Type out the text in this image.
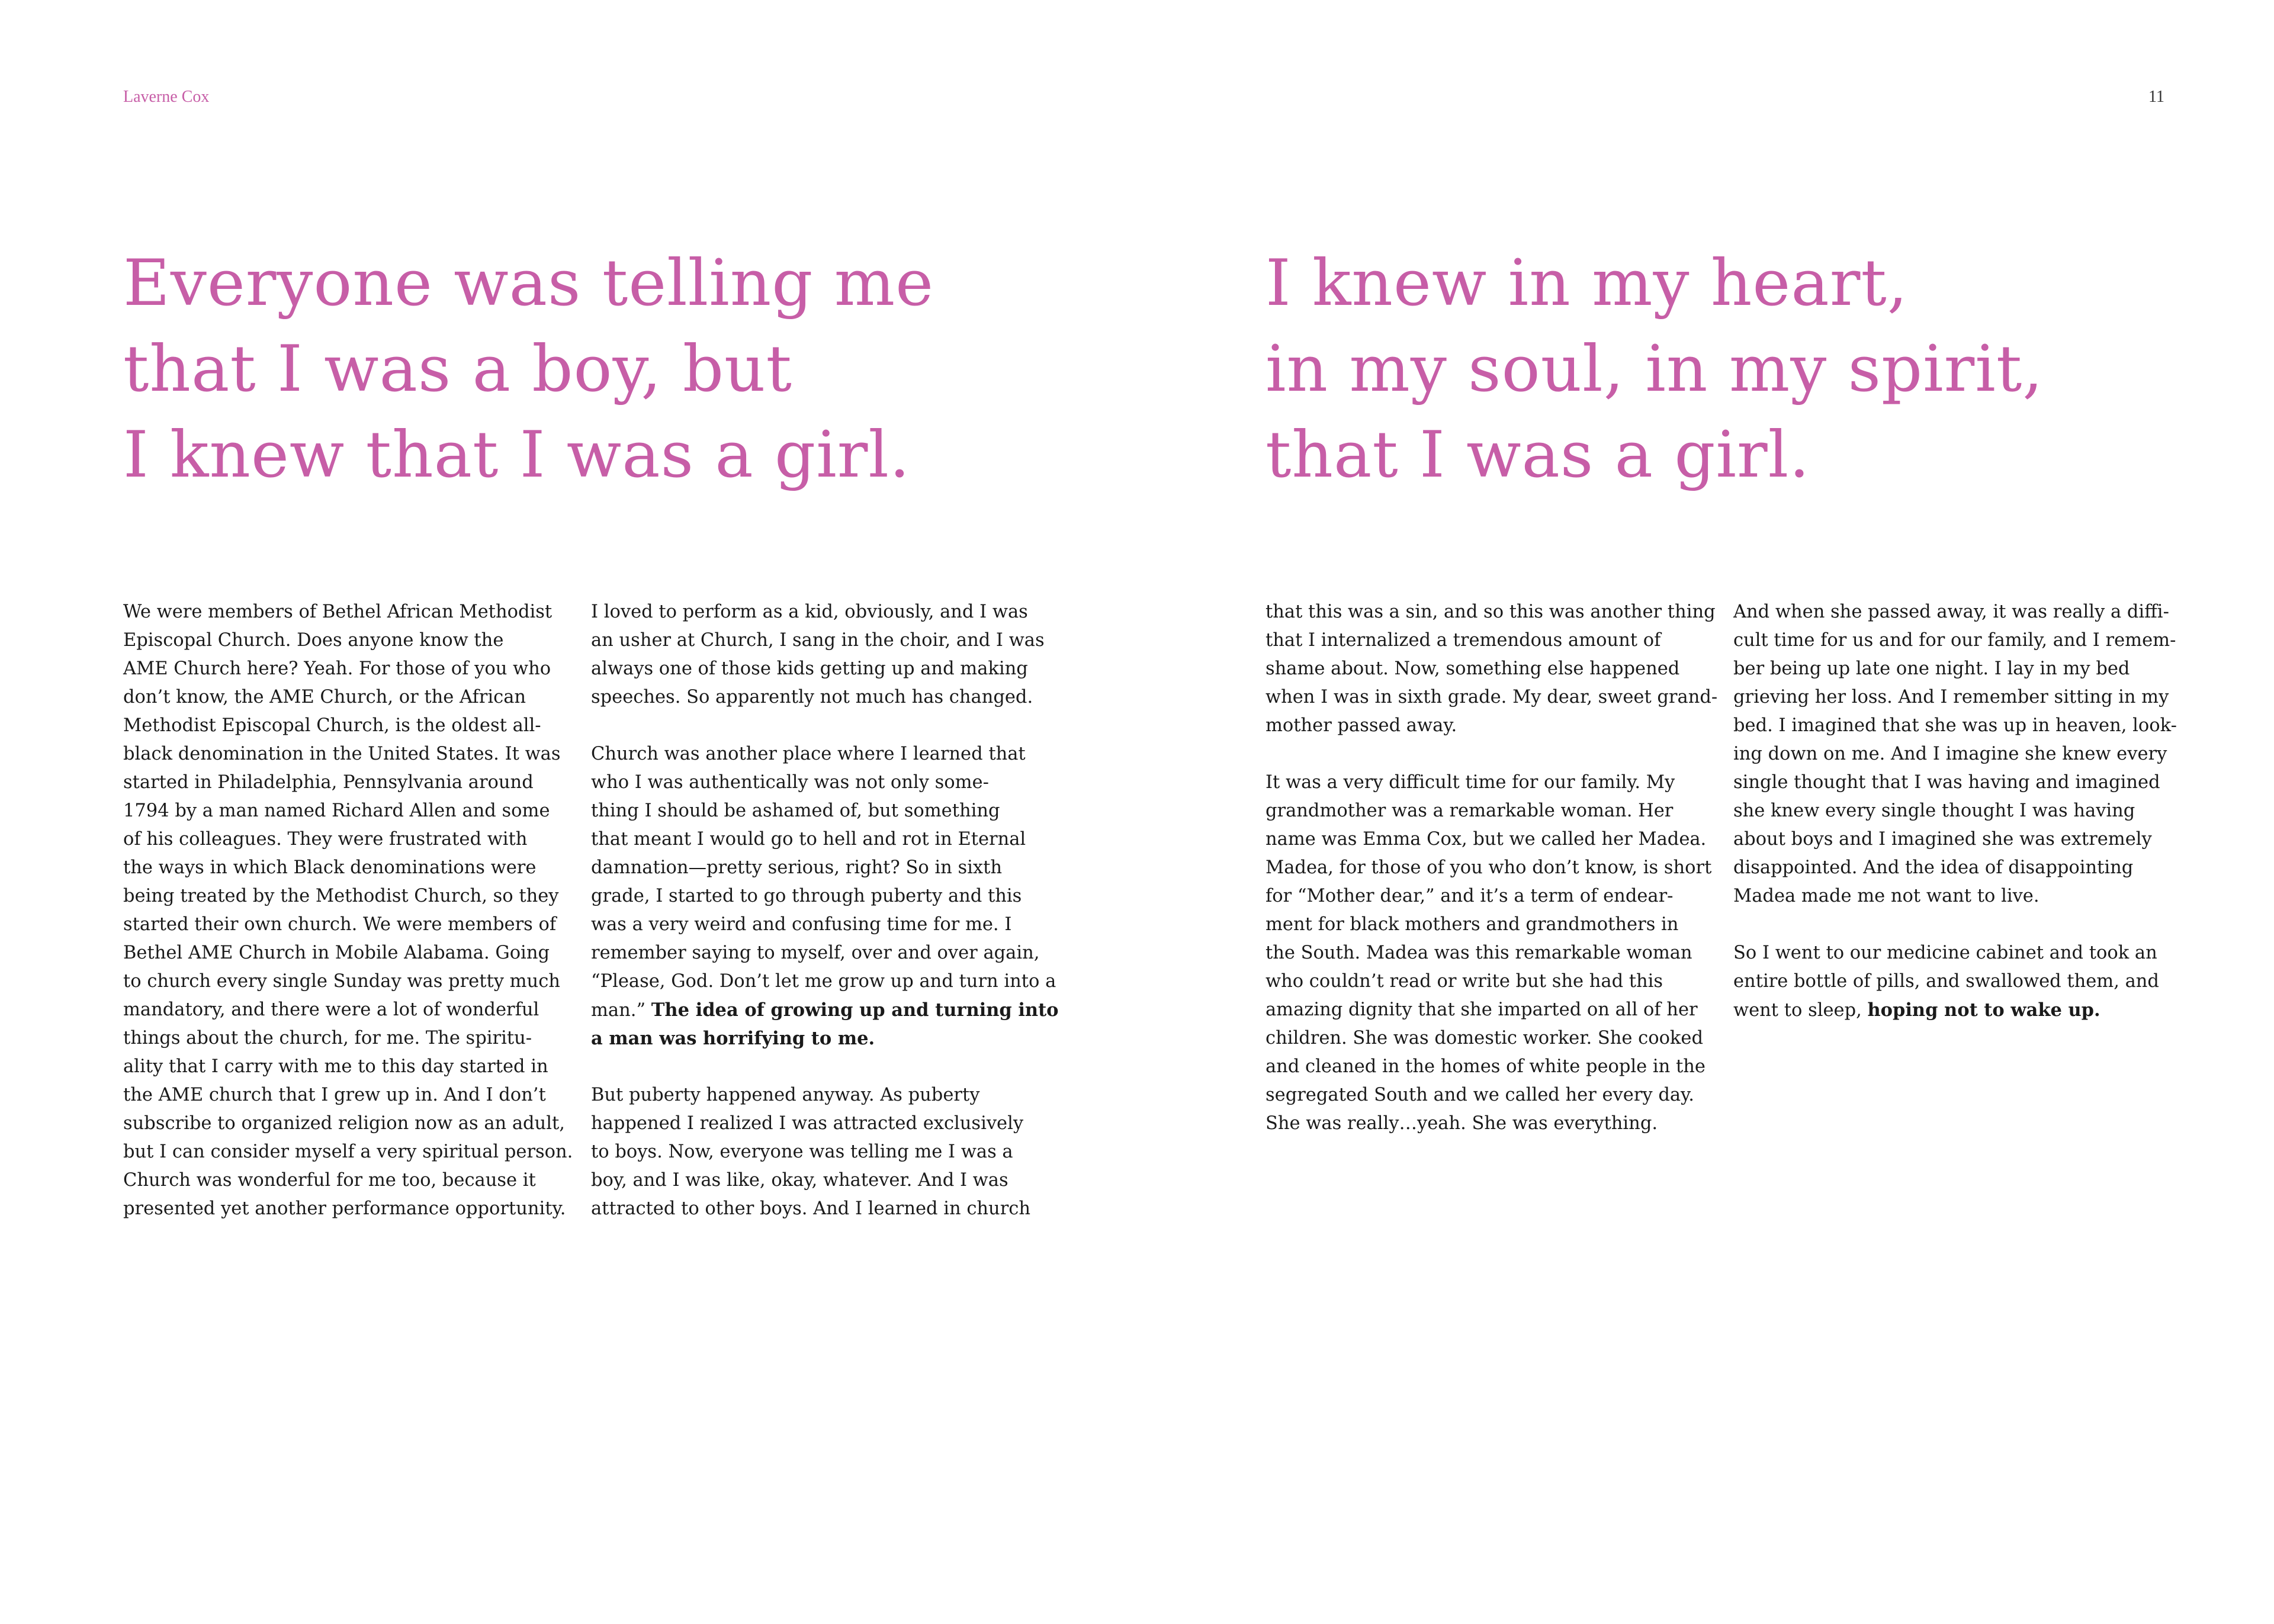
Laverne Cox	11
Everyone was telling me
that I was a boy, but
I knew that I was a girl.
I knew in my heart,
in my soul, in my spirit,
that I was a girl.
We were members of Bethel African Methodist
Episcopal Church. Does anyone know the
AME Church here? Yeah. For those of you who
don’t know, the AME Church, or the African
Methodist Episcopal Church, is the oldest all-
black denomination in the United States. It was
started in Philadelphia, Pennsylvania around
1794 by a man named Richard Allen and some
of his colleagues. They were frustrated with
the ways in which Black denominations were
being treated by the Methodist Church, so they
started their own church. We were members of
Bethel AME Church in Mobile Alabama. Going
to church every single Sunday was pretty much
mandatory, and there were a lot of wonderful
things about the church, for me. The spiritu-
ality that I carry with me to this day started in
the AME church that I grew up in. And I don’t
subscribe to organized religion now as an adult,
but I can consider myself a very spiritual person.
Church was wonderful for me too, because it
presented yet another performance opportunity.
I loved to perform as a kid, obviously, and I was
an usher at Church, I sang in the choir, and I was
always one of those kids getting up and making
speeches. So apparently not much has changed.
Church was another place where I learned that
who I was authentically was not only some-
thing I should be ashamed of, but something
that meant I would go to hell and rot in Eternal
damnation—pretty serious, right? So in sixth
grade, I started to go through puberty and this
was a very weird and confusing time for me. I
remember saying to myself, over and over again,
“Please, God. Don’t let me grow up and turn into a
man.” The idea of growing up and turning into
a man was horrifying to me.
But puberty happened anyway. As puberty
happened I realized I was attracted exclusively
to boys. Now, everyone was telling me I was a
boy, and I was like, okay, whatever. And I was
attracted to other boys. And I learned in church
that this was a sin, and so this was another thing
that I internalized a tremendous amount of
shame about. Now, something else happened
when I was in sixth grade. My dear, sweet grand-
mother passed away.
It was a very difficult time for our family. My
grandmother was a remarkable woman. Her
name was Emma Cox, but we called her Madea.
Madea, for those of you who don’t know, is short
for “Mother dear,” and it’s a term of endear-
ment for black mothers and grandmothers in
the South. Madea was this remarkable woman
who couldn’t read or write but she had this
amazing dignity that she imparted on all of her
children. She was domestic worker. She cooked
and cleaned in the homes of white people in the
segregated South and we called her every day.
She was really…yeah. She was everything.
And when she passed away, it was really a diffi-
cult time for us and for our family, and I remem-
ber being up late one night. I lay in my bed
grieving her loss. And I remember sitting in my
bed. I imagined that she was up in heaven, look-
ing down on me. And I imagine she knew every
single thought that I was having and imagined
she knew every single thought I was having
about boys and I imagined she was extremely
disappointed. And the idea of disappointing
Madea made me not want to live.
So I went to our medicine cabinet and took an
entire bottle of pills, and swallowed them, and
went to sleep, hoping not to wake up.
